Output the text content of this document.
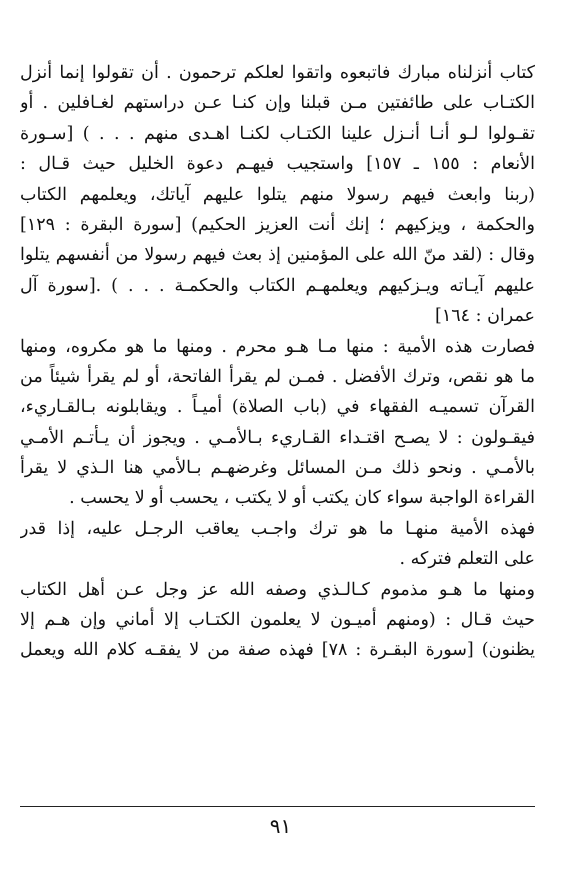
كتاب أنزلناه مبارك فاتبعوه واتقوا لعلكم ترحمون . أن تقولوا إنما أنزل
الكتـاب على طائفتين مـن قبلنا وإن كنـا عـن دراستهم لغـافلين . أو
تقـولوا لـو أنـا أنـزل علينا الكتـاب لكنـا اهـدى منهم . . . ) [سـورة
الأنعام : ١٥٥ ـ ١٥٧] واستجيب فيهـم دعوة الخليل حيث قـال :
(ربنا وابعث فيهم رسولا منهم يتلوا عليهم آياتك، ويعلمهم الكتاب
والحكمة ، ويزكيهم ؛ إنك أنت العزيز الحكيم) [سورة البقرة : ١٢٩]
وقال : (لقد منّ الله على المؤمنين إذ بعث فيهم رسولا من أنفسهم يتلوا
عليهم آيـاته ويـزكيهم ويعلمهـم الكتاب والحكمـة . . . ) .[سورة آل
عمران : ١٦٤]
فصارت هذه الأمية : منها مـا هـو محرم . ومنها ما هو مكروه، ومنها
ما هو نقص، وترك الأفضل . فمـن لم يقرأ الفاتحة، أو لم يقرأ شيئاً من
القرآن تسميـه الفقهاء في (باب الصلاة) أميـاً . ويقابلونه بـالقـاريء،
فيقـولون : لا يصـح اقتـداء القـاريء بـالأمـي . ويجوز أن يـأتـم الأمـي
بالأمـي . ونحو ذلك مـن المسائل وغرضهـم بـالأمي هنا الـذي لا يقرأ
القراءة الواجبة سواء كان يكتب أو لا يكتب ، يحسب أو لا يحسب .
فهذه الأمية منهـا ما هو ترك واجـب يعاقب الرجـل عليه، إذا قدر
على التعلم فتركه .
ومنها ما هـو مذموم كـالـذي وصفه الله عز وجل عـن أهل الكتاب
حيث قـال : (ومنهم أميـون لا يعلمون الكتـاب إلا أماني وإن هـم إلا
يظنون) [سورة البقـرة : ٧٨] فهذه صفة من لا يفقـه كلام الله ويعمل
٩١
